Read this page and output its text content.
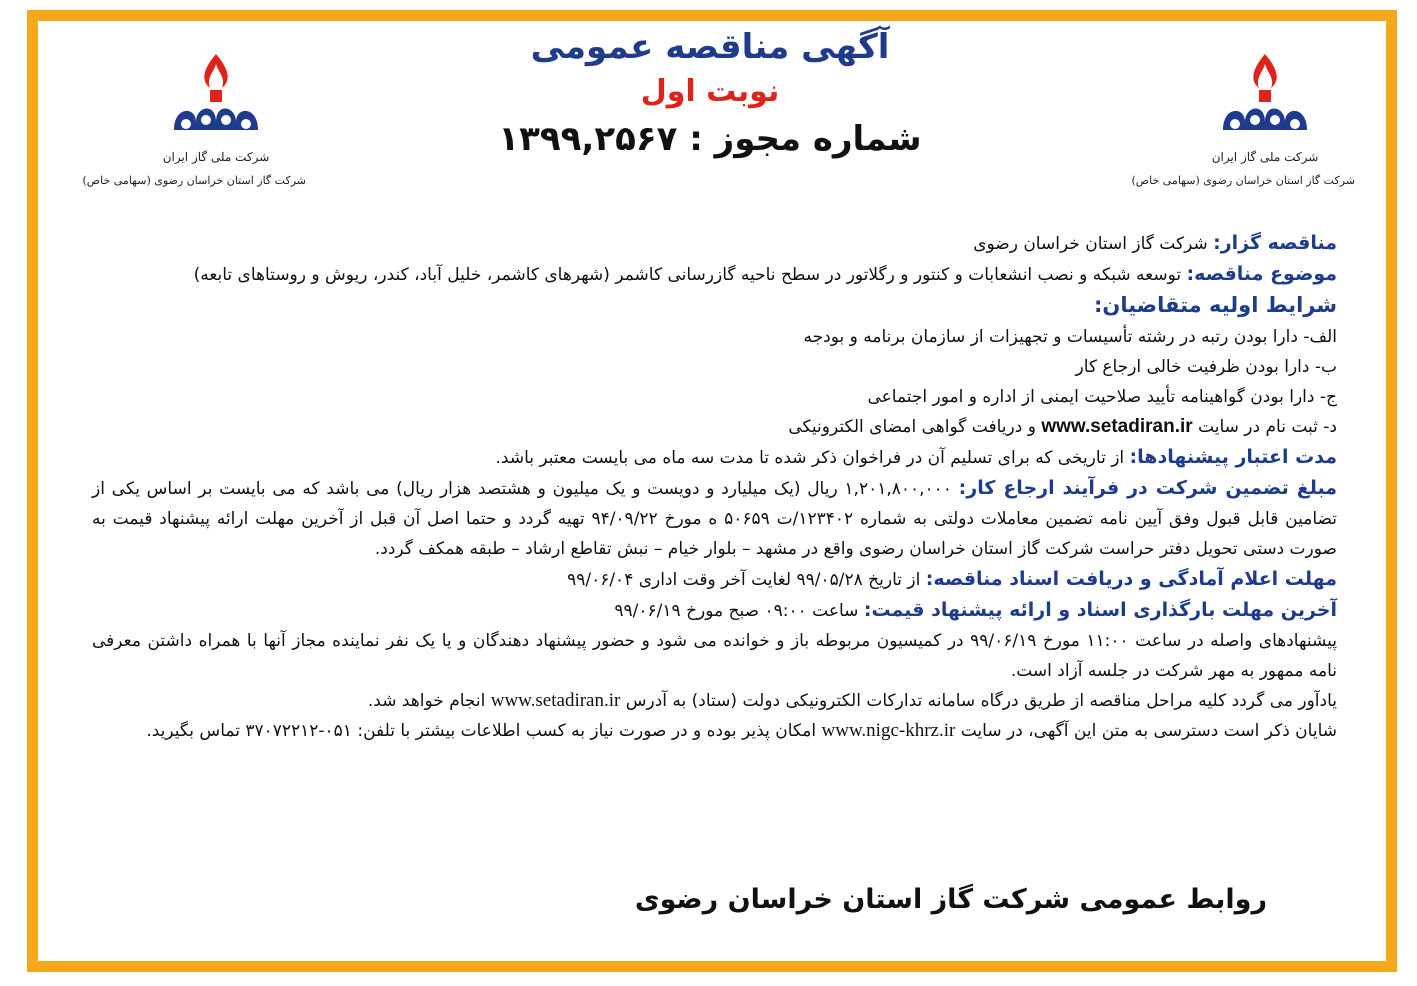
شرکت ملی گاز ایران
شرکت گاز استان خراسان رضوی (سهامی خاص)
شرکت ملی گاز ایران
شرکت گاز استان خراسان رضوی (سهامی خاص)

آگهی مناقصه عمومی

نوبت اول

شماره مجوز : ۱۳۹۹,۲۵۶۷

مناقصه گزار: شرکت گاز استان خراسان رضوی

موضوع مناقصه: توسعه شبکه و نصب انشعابات و کنتور و رگلاتور در سطح ناحیه گازرسانی کاشمر (شهرهای کاشمر، خلیل آباد، کندر، ریوش و روستاهای تابعه)

شرایط اولیه متقاضیان:

الف- دارا بودن رتبه در رشته تأسیسات و تجهیزات از سازمان برنامه و بودجه

ب- دارا بودن ظرفیت خالی ارجاع کار

ج- دارا بودن گواهینامه تأیید صلاحیت ایمنی از اداره و امور اجتماعی

د- ثبت نام در سایت www.setadiran.ir و دریافت گواهی امضای الکترونیکی

مدت اعتبار پیشنهادها: از تاریخی که برای تسلیم آن در فراخوان ذکر شده تا مدت سه ماه می بایست معتبر باشد.

مبلغ تضمین شرکت در فرآیند ارجاع کار: ۱,۲۰۱,۸۰۰,۰۰۰ ریال (یک میلیارد و دویست و یک میلیون و هشتصد هزار ریال) می باشد که می بایست بر اساس یکی از تضامین قابل قبول وفق آیین نامه تضمین معاملات دولتی به شماره ۱۲۳۴۰۲/ت ۵۰۶۵۹ ه مورخ ۹۴/۰۹/۲۲ تهیه گردد و حتما اصل آن قبل از آخرین مهلت ارائه پیشنهاد قیمت به صورت دستی تحویل دفتر حراست شرکت گاز استان خراسان رضوی واقع در مشهد – بلوار خیام – نبش تقاطع ارشاد – طبقه همکف گردد.

مهلت اعلام آمادگی و دریافت اسناد مناقصه: از تاریخ ۹۹/۰۵/۲۸ لغایت آخر وقت اداری ۹۹/۰۶/۰۴

آخرین مهلت بارگذاری اسناد و ارائه پیشنهاد قیمت: ساعت ۰۹:۰۰ صبح مورخ ۹۹/۰۶/۱۹

پیشنهادهای واصله در ساعت ۱۱:۰۰ مورخ ۹۹/۰۶/۱۹ در کمیسیون مربوطه باز و خوانده می شود و حضور پیشنهاد دهندگان و یا یک نفر نماینده مجاز آنها با همراه داشتن معرفی نامه ممهور به مهر شرکت در جلسه آزاد است.

یادآور می گردد کلیه مراحل مناقصه از طریق درگاه سامانه تدارکات الکترونیکی دولت (ستاد) به آدرس www.setadiran.ir انجام خواهد شد.

شایان ذکر است دسترسی به متن این آگهی، در سایت www.nigc-khrz.ir امکان پذیر بوده و در صورت نیاز به کسب اطلاعات بیشتر با تلفن: ۰۵۱-۳۷۰۷۲۲۱۲ تماس بگیرید.

روابط عمومی شرکت گاز استان خراسان رضوی
